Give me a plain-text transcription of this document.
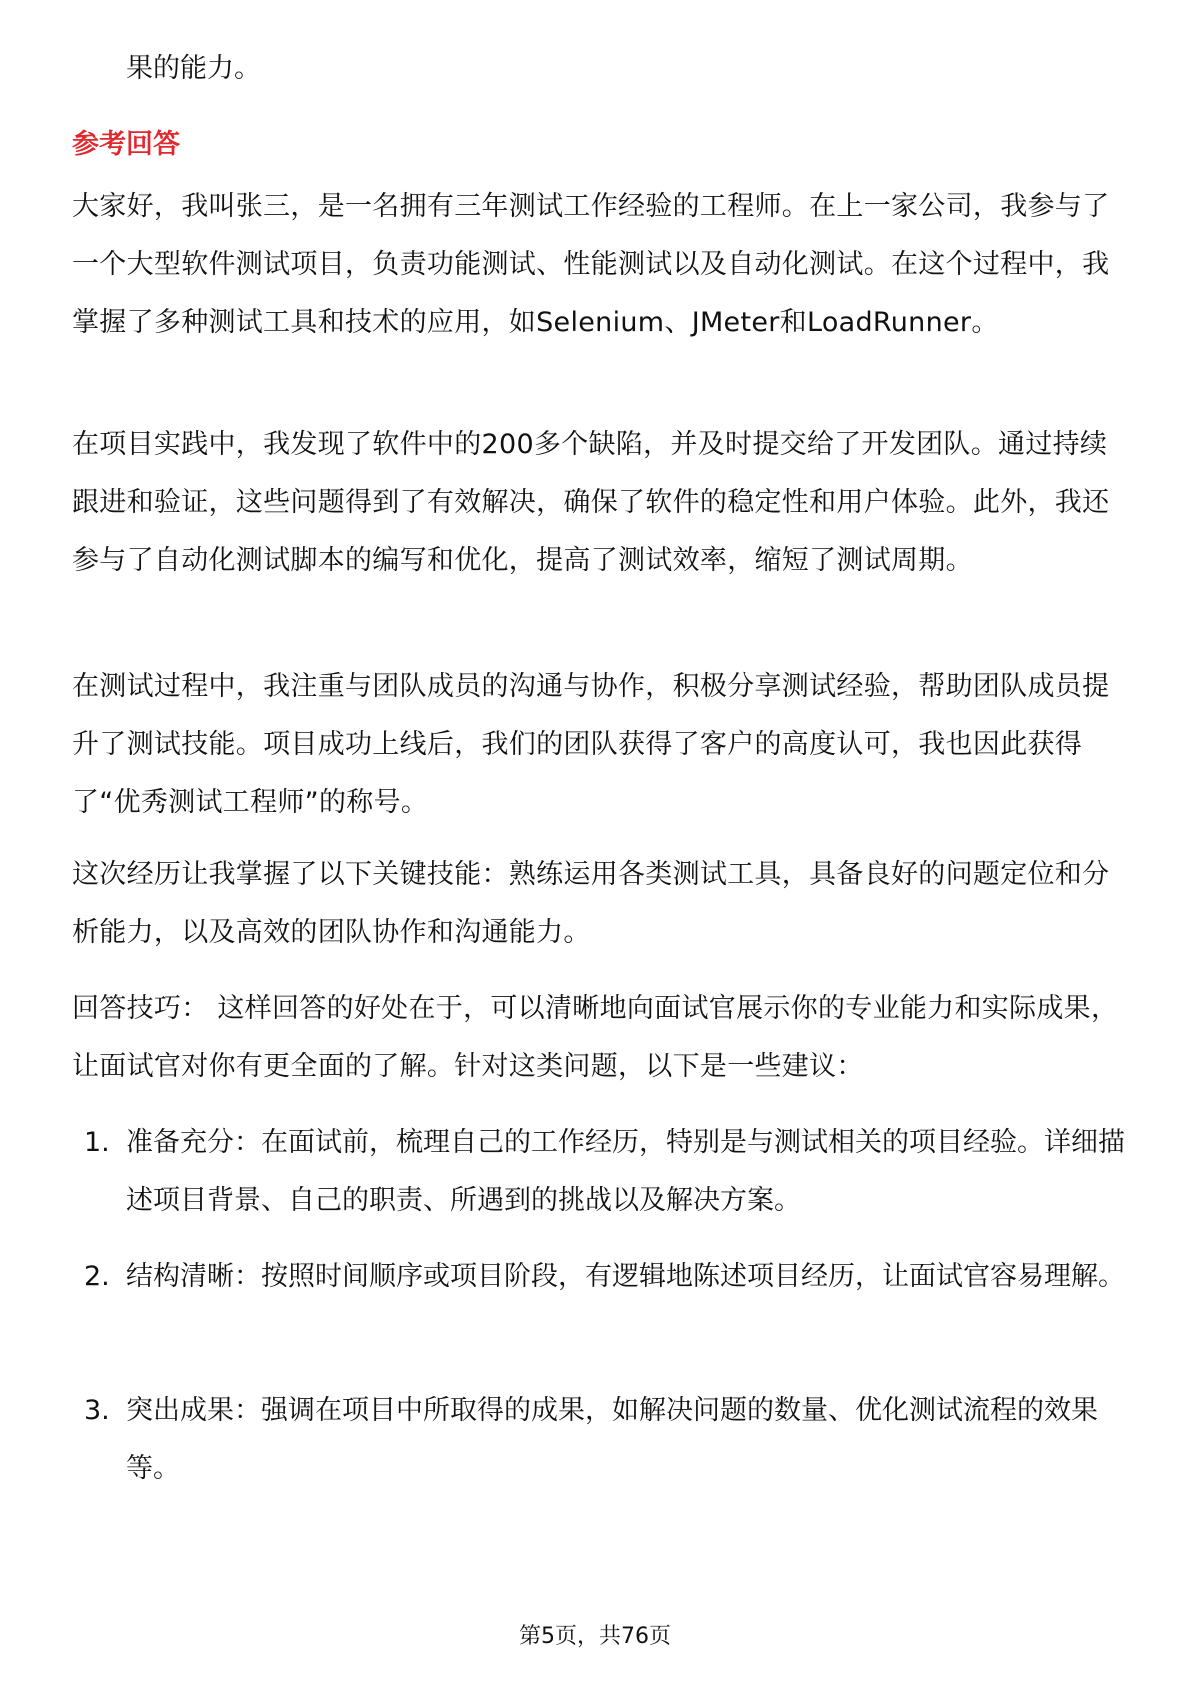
果的能力。
参考回答
大家好，我叫张三，是一名拥有三年测试工作经验的工程师。在上一家公司，我参与了一个大型软件测试项目，负责功能测试、性能测试以及自动化测试。在这个过程中，我掌握了多种测试工具和技术的应用，如Selenium、JMeter和LoadRunner。
在项目实践中，我发现了软件中的200多个缺陷，并及时提交给了开发团队。通过持续跟进和验证，这些问题得到了有效解决，确保了软件的稳定性和用户体验。此外，我还参与了自动化测试脚本的编写和优化，提高了测试效率，缩短了测试周期。
在测试过程中，我注重与团队成员的沟通与协作，积极分享测试经验，帮助团队成员提升了测试技能。项目成功上线后，我们的团队获得了客户的高度认可，我也因此获得了“优秀测试工程师”的称号。
这次经历让我掌握了以下关键技能：熟练运用各类测试工具，具备良好的问题定位和分析能力，以及高效的团队协作和沟通能力。
回答技巧： 这样回答的好处在于，可以清晰地向面试官展示你的专业能力和实际成果，让面试官对你有更全面的了解。针对这类问题，以下是一些建议：
1. 准备充分：在面试前，梳理自己的工作经历，特别是与测试相关的项目经验。详细描述项目背景、自己的职责、所遇到的挑战以及解决方案。
2. 结构清晰：按照时间顺序或项目阶段，有逻辑地陈述项目经历，让面试官容易理解。
3. 突出成果：强调在项目中所取得的成果，如解决问题的数量、优化测试流程的效果等。
第5页，共76页
